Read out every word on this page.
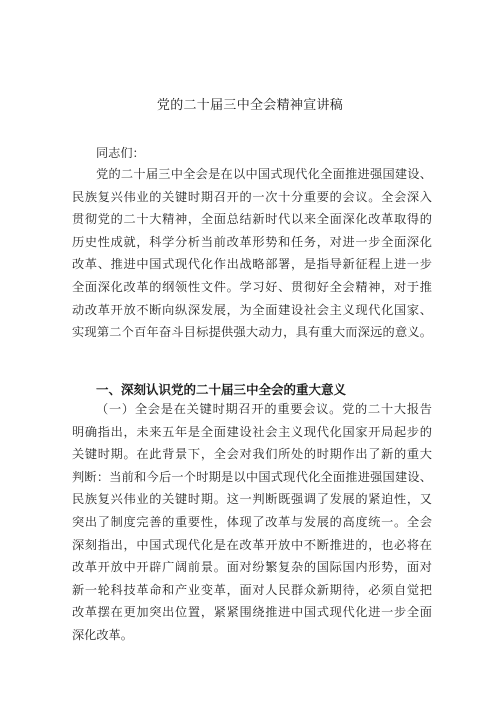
党的二十届三中全会精神宣讲稿
同志们：
党的二十届三中全会是在以中国式现代化全面推进强国建设、
民族复兴伟业的关键时期召开的一次十分重要的会议。全会深入
贯彻党的二十大精神，全面总结新时代以来全面深化改革取得的
历史性成就，科学分析当前改革形势和任务，对进一步全面深化
改革、推进中国式现代化作出战略部署，是指导新征程上进一步
全面深化改革的纲领性文件。学习好、贯彻好全会精神，对于推
动改革开放不断向纵深发展，为全面建设社会主义现代化国家、
实现第二个百年奋斗目标提供强大动力，具有重大而深远的意义。
一、深刻认识党的二十届三中全会的重大意义
（一）全会是在关键时期召开的重要会议。党的二十大报告
明确指出，未来五年是全面建设社会主义现代化国家开局起步的
关键时期。在此背景下，全会对我们所处的时期作出了新的重大
判断：当前和今后一个时期是以中国式现代化全面推进强国建设、
民族复兴伟业的关键时期。这一判断既强调了发展的紧迫性，又
突出了制度完善的重要性，体现了改革与发展的高度统一。全会
深刻指出，中国式现代化是在改革开放中不断推进的，也必将在
改革开放中开辟广阔前景。面对纷繁复杂的国际国内形势，面对
新一轮科技革命和产业变革，面对人民群众新期待，必须自觉把
改革摆在更加突出位置，紧紧围绕推进中国式现代化进一步全面
深化改革。
